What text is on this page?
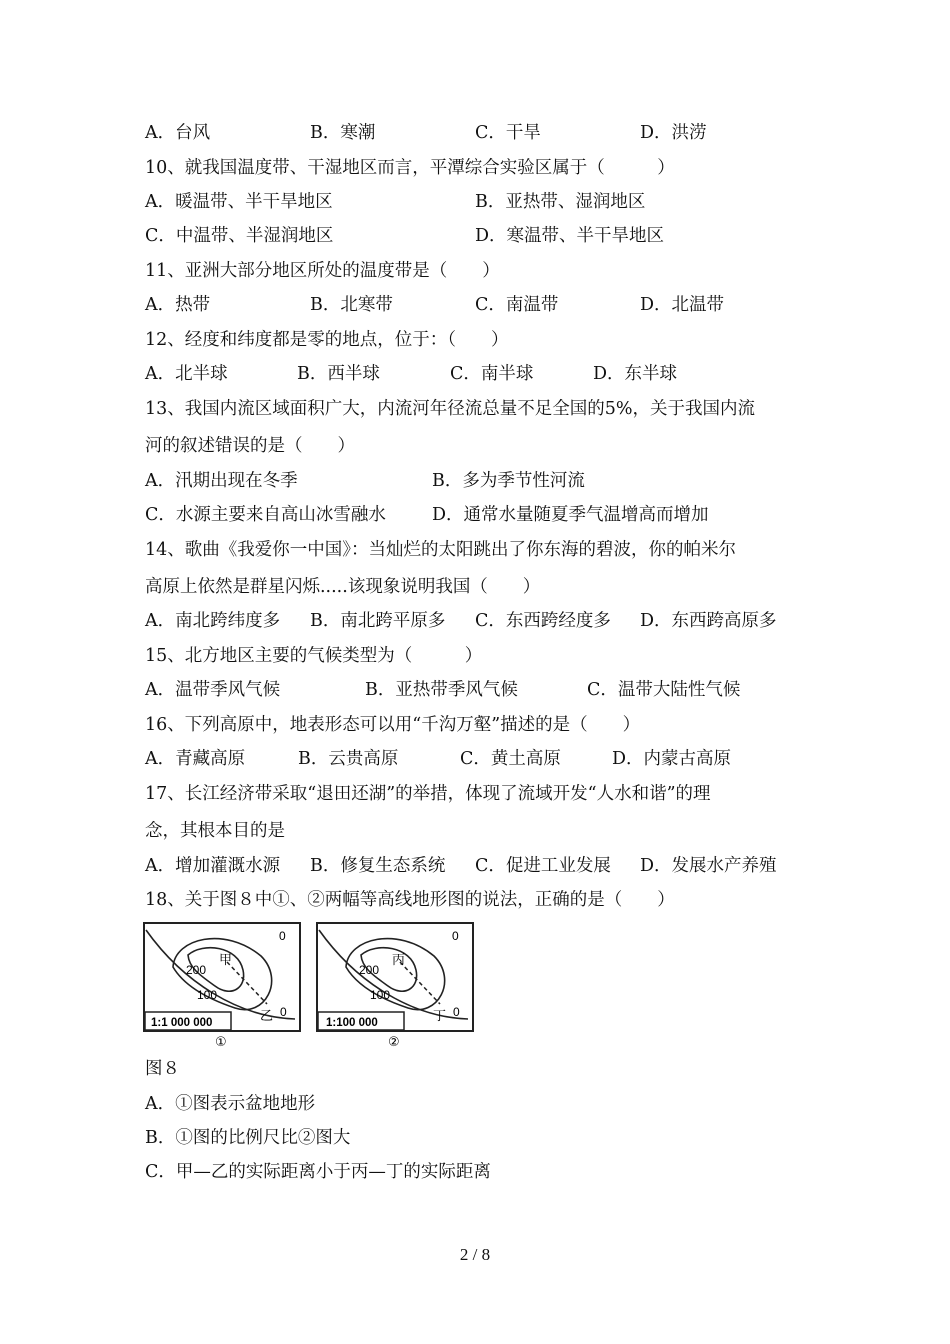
A．台风	B．寒潮	C．干旱	D．洪涝
10、就我国温度带、干湿地区而言，平潭综合实验区属于（　　　）
A．暖温带、半干旱地区	B．亚热带、湿润地区
C．中温带、半湿润地区	D．寒温带、半干旱地区
11、亚洲大部分地区所处的温度带是（　　）
A．热带	B．北寒带	C．南温带	D．北温带
12、经度和纬度都是零的地点，位于：（　　）
A．北半球	B．西半球	C．南半球	D．东半球
13、我国内流区域面积广大，内流河年径流总量不足全国的5%，关于我国内流
河的叙述错误的是（　　）
A．汛期出现在冬季	B．多为季节性河流
C．水源主要来自高山冰雪融水	D．通常水量随夏季气温增高而增加
14、歌曲《我爱你一中国》：当灿烂的太阳跳出了你东海的碧波，你的帕米尔
高原上依然是群星闪烁.....该现象说明我国（　　）
A．南北跨纬度多 B．南北跨平原多 C．东西跨经度多 D．东西跨高原多
15、北方地区主要的气候类型为（　　　）
A．温带季风气候	B．亚热带季风气候	C．温带大陆性气候
16、下列高原中，地表形态可以用“千沟万壑”描述的是（　　）
A．青藏高原	B．云贵高原	C．黄土高原	D．内蒙古高原
17、长江经济带采取“退田还湖”的举措，体现了流域开发“人水和谐”的理
念，其根本目的是
A．增加灌溉水源 B．修复生态系统 C．促进工业发展 D．发展水产养殖
18、关于图８中①、②两幅等高线地形图的说法，正确的是（　　）
0
200
100
0
甲
乙
1:1 000 000
①
0
200
100
0
丙
丁
1:100 000
②
图８
A．①图表示盆地地形
B．①图的比例尺比②图大
C．甲—乙的实际距离小于丙—丁的实际距离
2 / 8
